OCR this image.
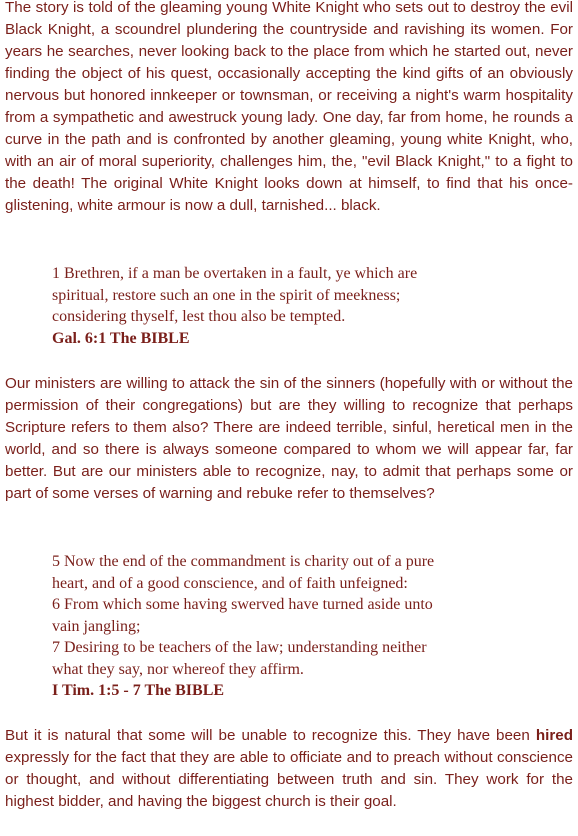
The story is told of the gleaming young White Knight who sets out to destroy the evil Black Knight, a scoundrel plundering the countryside and ravishing its women. For years he searches, never looking back to the place from which he started out, never finding the object of his quest, occasionally accepting the kind gifts of an obviously nervous but honored innkeeper or townsman, or receiving a night's warm hospitality from a sympathetic and awestruck young lady. One day, far from home, he rounds a curve in the path and is confronted by another gleaming, young white Knight, who, with an air of moral superiority, challenges him, the, "evil Black Knight," to a fight to the death! The original White Knight looks down at himself, to find that his once-glistening, white armour is now a dull, tarnished... black.

1 Brethren, if a man be overtaken in a fault, ye which are
spiritual, restore such an one in the spirit of meekness;
considering thyself, lest thou also be tempted.
Gal. 6:1 The BIBLE

Our ministers are willing to attack the sin of the sinners (hopefully with or without the permission of their congregations) but are they willing to recognize that perhaps Scripture refers to them also? There are indeed terrible, sinful, heretical men in the world, and so there is always someone compared to whom we will appear far, far better. But are our ministers able to recognize, nay, to admit that perhaps some or part of some verses of warning and rebuke refer to themselves?

5 Now the end of the commandment is charity out of a pure
heart, and of a good conscience, and of faith unfeigned:
6 From which some having swerved have turned aside unto
vain jangling;
7 Desiring to be teachers of the law; understanding neither
what they say, nor whereof they affirm.
I Tim. 1:5 - 7 The BIBLE

But it is natural that some will be unable to recognize this. They have been hired expressly for the fact that they are able to officiate and to preach without conscience or thought, and without differentiating between truth and sin. They work for the highest bidder, and having the biggest church is their goal.
